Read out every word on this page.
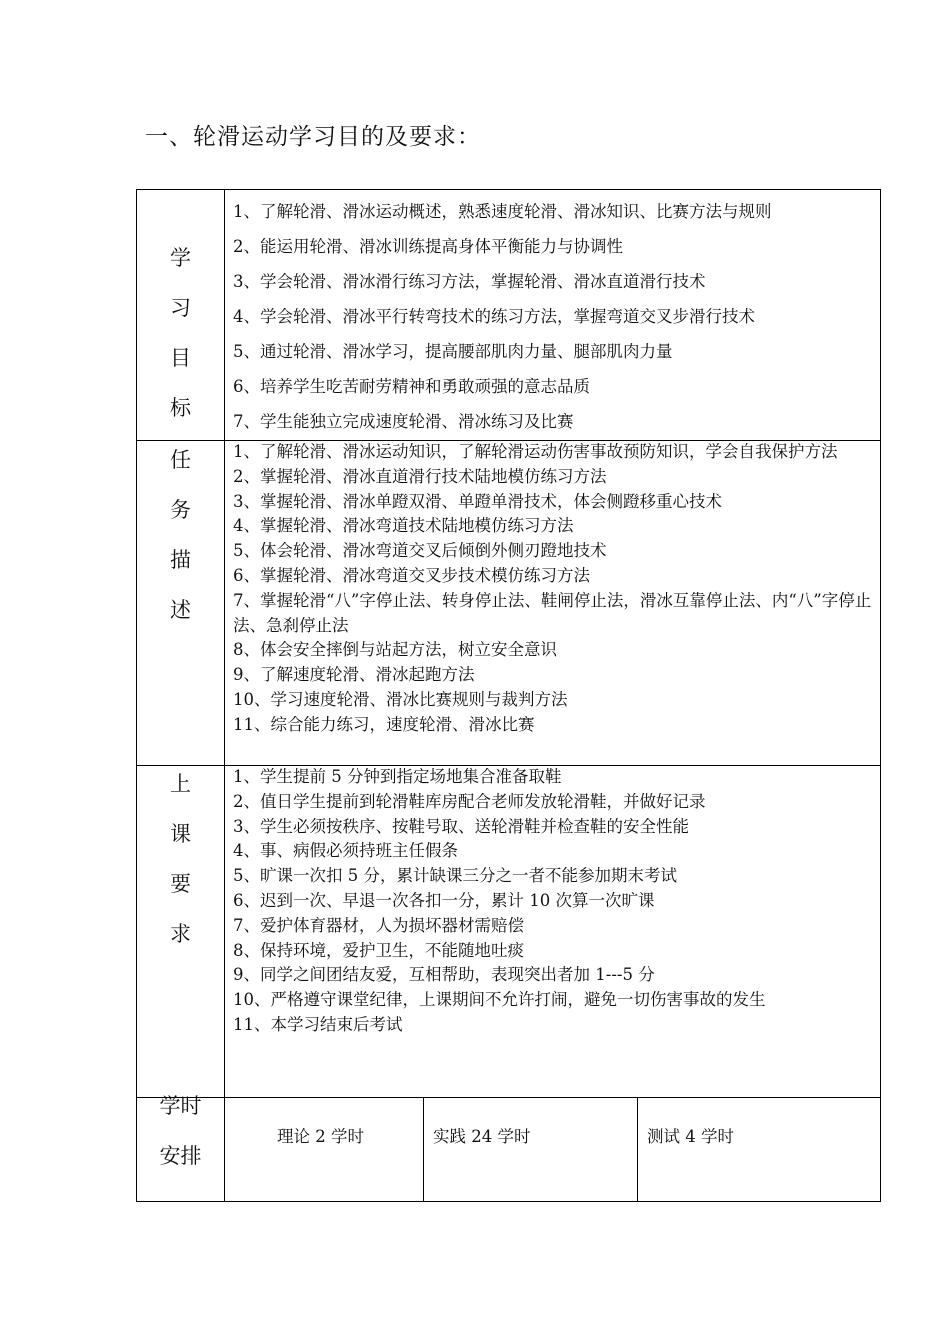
一、轮滑运动学习目的及要求：
学
习
目
标
1、了解轮滑、滑冰运动概述，熟悉速度轮滑、滑冰知识、比赛方法与规则
2、能运用轮滑、滑冰训练提高身体平衡能力与协调性
3、学会轮滑、滑冰滑行练习方法，掌握轮滑、滑冰直道滑行技术
4、学会轮滑、滑冰平行转弯技术的练习方法，掌握弯道交叉步滑行技术
5、通过轮滑、滑冰学习，提高腰部肌肉力量、腿部肌肉力量
6、培养学生吃苦耐劳精神和勇敢顽强的意志品质
7、学生能独立完成速度轮滑、滑冰练习及比赛
任
务
描
述
1、了解轮滑、滑冰运动知识，了解轮滑运动伤害事故预防知识，学会自我保护方法
2、掌握轮滑、滑冰直道滑行技术陆地模仿练习方法
3、掌握轮滑、滑冰单蹬双滑、单蹬单滑技术，体会侧蹬移重心技术
4、掌握轮滑、滑冰弯道技术陆地模仿练习方法
5、体会轮滑、滑冰弯道交叉后倾倒外侧刃蹬地技术
6、掌握轮滑、滑冰弯道交叉步技术模仿练习方法
7、掌握轮滑“八”字停止法、转身停止法、鞋闸停止法，滑冰互靠停止法、内“八”字停止法、急刹停止法
8、体会安全摔倒与站起方法，树立安全意识
9、了解速度轮滑、滑冰起跑方法
10、学习速度轮滑、滑冰比赛规则与裁判方法
11、综合能力练习，速度轮滑、滑冰比赛
上
课
要
求
1、学生提前 5 分钟到指定场地集合准备取鞋
2、值日学生提前到轮滑鞋库房配合老师发放轮滑鞋，并做好记录
3、学生必须按秩序、按鞋号取、送轮滑鞋并检查鞋的安全性能
4、事、病假必须持班主任假条
5、旷课一次扣 5 分，累计缺课三分之一者不能参加期末考试
6、迟到一次、早退一次各扣一分，累计 10 次算一次旷课
7、爱护体育器材，人为损坏器材需赔偿
8、保持环境，爱护卫生，不能随地吐痰
9、同学之间团结友爱，互相帮助，表现突出者加 1---5 分
10、严格遵守课堂纪律，上课期间不允许打闹，避免一切伤害事故的发生
11、本学习结束后考试
学时
安排
理论 2 学时	实践 24 学时	测试 4 学时
